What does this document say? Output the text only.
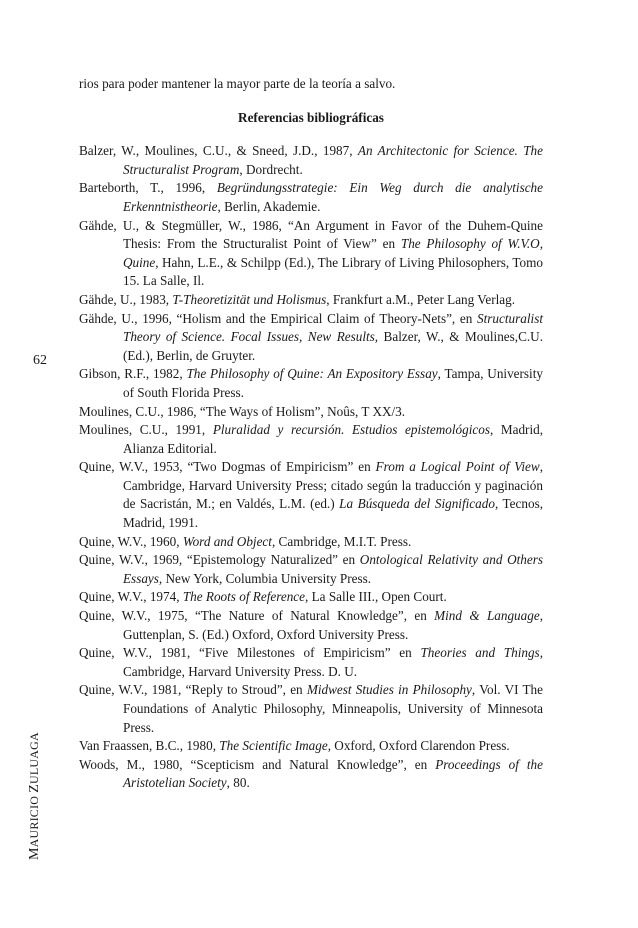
62
MAURICIO ZULUAGA

rios para poder mantener la mayor parte de la teoría a salvo.

Referencias bibliográficas

Balzer, W., Moulines, C.U., & Sneed, J.D., 1987, An Architectonic for Science. The Structuralist Program, Dordrecht.

Barteborth, T., 1996, Begründungsstrategie: Ein Weg durch die analytische Erkenntnistheorie, Berlin, Akademie.

Gähde, U., & Stegmüller, W., 1986, “An Argument in Favor of the Duhem-Quine Thesis: From the Structuralist Point of View” en The Philosophy of W.V.O, Quine, Hahn, L.E., & Schilpp (Ed.), The Library of Living Philosophers, Tomo 15. La Salle, Il.

Gähde, U., 1983, T-Theoretizität und Holismus, Frankfurt a.M., Peter Lang Verlag.

Gähde, U., 1996, “Holism and the Empirical Claim of Theory-Nets”, en Structuralist Theory of Science. Focal Issues, New Results, Balzer, W., & Moulines,C.U.(Ed.), Berlin, de Gruyter.

Gibson, R.F., 1982, The Philosophy of Quine: An Expository Essay, Tampa, University of South Florida Press.

Moulines, C.U., 1986, “The Ways of Holism”, Noûs, T XX/3.

Moulines, C.U., 1991, Pluralidad y recursión. Estudios epistemológicos, Madrid, Alianza Editorial.

Quine, W.V., 1953, “Two Dogmas of Empiricism” en From a Logical Point of View, Cambridge, Harvard University Press; citado según la traducción y paginación de Sacristán, M.; en Valdés, L.M. (ed.) La Búsqueda del Significado, Tecnos, Madrid, 1991.

Quine, W.V., 1960, Word and Object, Cambridge, M.I.T. Press.

Quine, W.V., 1969, “Epistemology Naturalized” en Ontological Relativity and Others Essays, New York, Columbia University Press.

Quine, W.V., 1974, The Roots of Reference, La Salle III., Open Court.

Quine, W.V., 1975, “The Nature of Natural Knowledge”, en Mind & Language, Guttenplan, S. (Ed.) Oxford, Oxford University Press.

Quine, W.V., 1981, “Five Milestones of Empiricism” en Theories and Things, Cambridge, Harvard University Press. D. U.

Quine, W.V., 1981, “Reply to Stroud”, en Midwest Studies in Philosophy, Vol. VI The Foundations of Analytic Philosophy, Minneapolis, University of Minnesota Press.

Van Fraassen, B.C., 1980, The Scientific Image, Oxford, Oxford Clarendon Press.

Woods, M., 1980, “Scepticism and Natural Knowledge”, en Proceedings of the Aristotelian Society, 80.
